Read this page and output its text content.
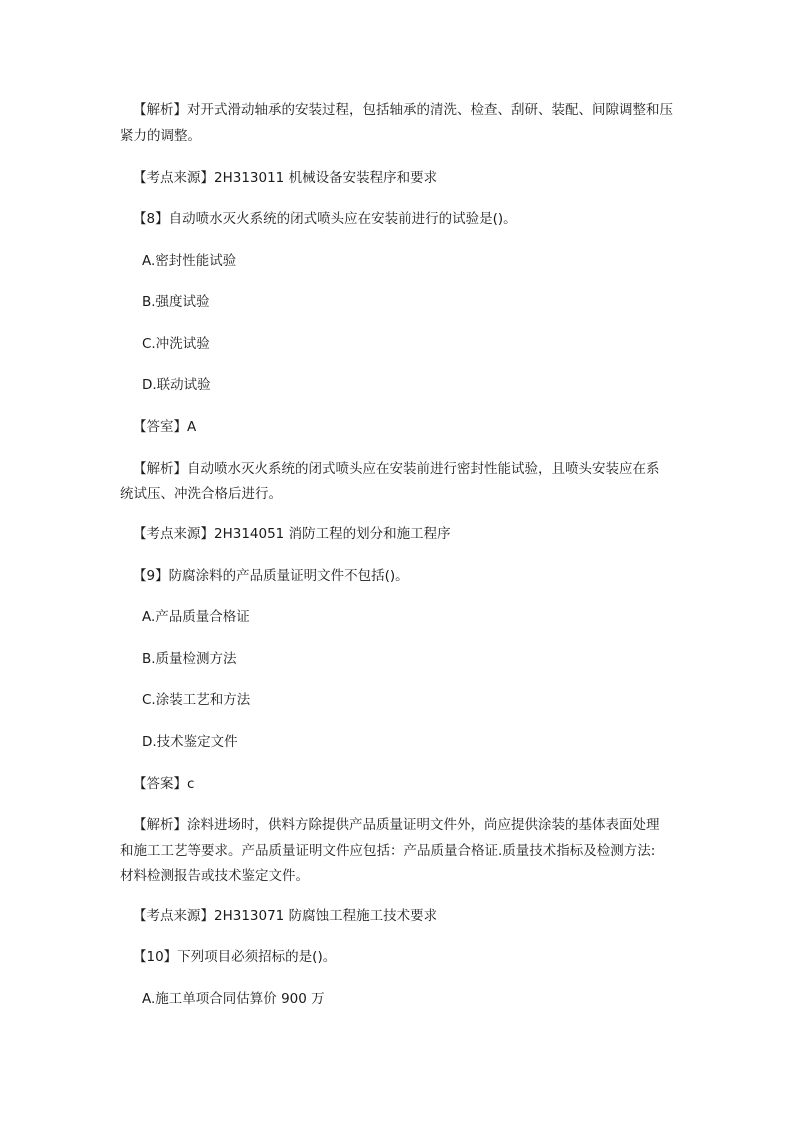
【解析】对开式滑动轴承的安装过程，包括轴承的清洗、检查、刮研、装配、间隙调整和压
紧力的调整。
【考点来源】2H313011 机械设备安装程序和要求
【8】自动喷水灭火系统的闭式喷头应在安装前进行的试验是()。
A.密封性能试验
B.强度试验
C.冲洗试验
D.联动试验
【答室】A
【解析】自动喷水灭火系统的闭式喷头应在安装前进行密封性能试验，且喷头安装应在系
统试压、冲洗合格后进行。
【考点来源】2H314051 消防工程的划分和施工程序
【9】防腐涂料的产品质量证明文件不包括()。
A.产品质量合格证
B.质量检测方法
C.涂装工艺和方法
D.技术鉴定文件
【答案】c
【解析】涂料进场时，供料方除提供产品质量证明文件外，尚应提供涂装的基体表面处理
和施工工艺等要求。产品质量证明文件应包括：产品质量合格证.质量技术指标及检测方法:
材料检测报告或技术鉴定文件。
【考点来源】2H313071 防腐蚀工程施工技术要求
【10】下列项目必须招标的是()。
A.施工单项合同估算价 900 万
